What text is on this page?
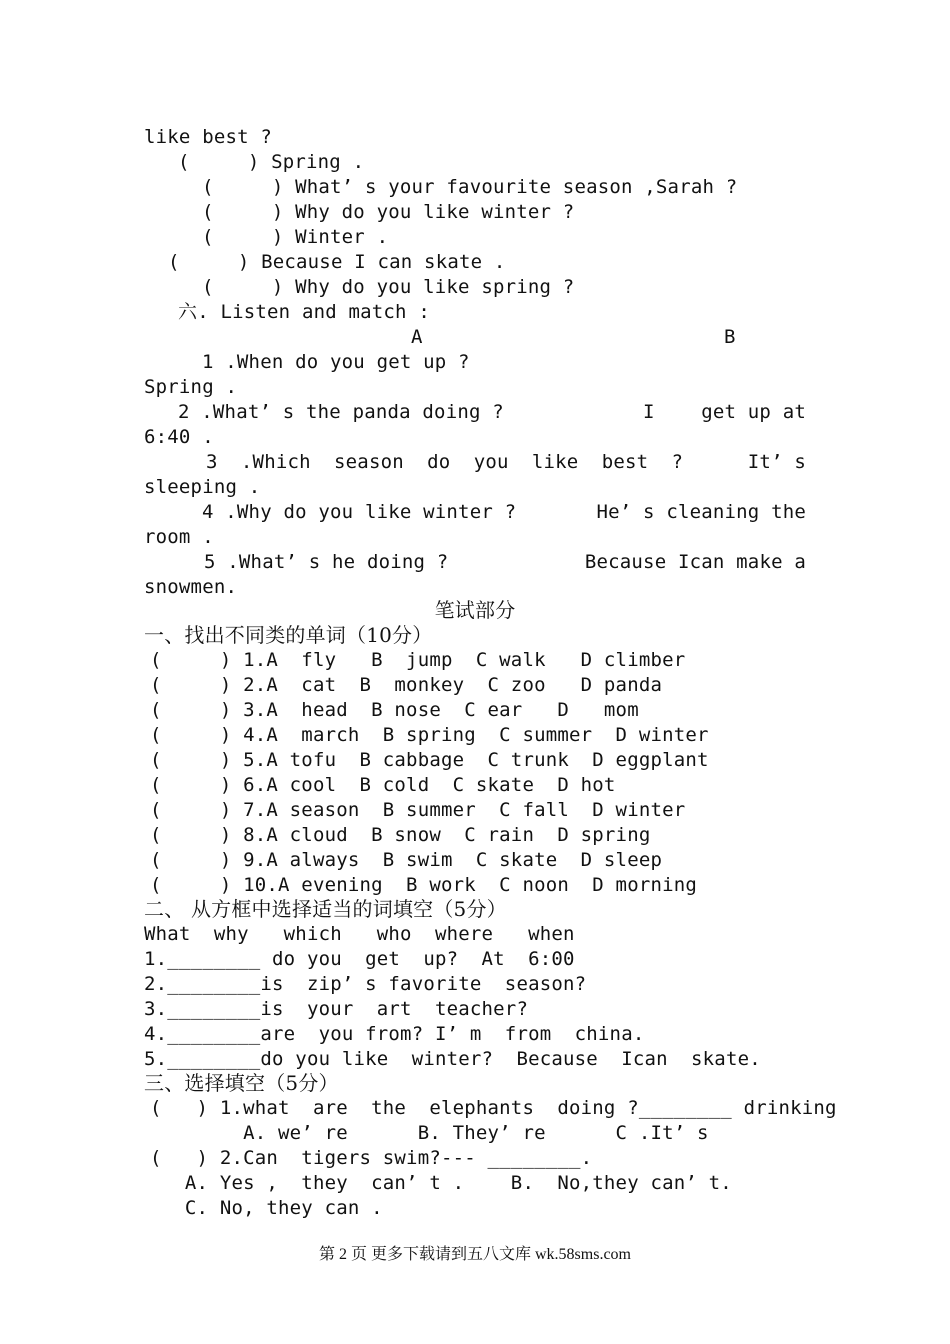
like best ?
(     ) Spring .
(     ) What’ s your favourite season ,Sarah ?
(     ) Why do you like winter ?
(     ) Winter .
(     ) Because I can skate .
(     ) Why do you like spring ?
六. Listen and match :
A	B
1 .When do you get up ?
Spring .
2 .What’ s the panda doing ?	I    get up at
6:40 .
3  .Which  season  do  you  like  best  ?	It’ s
sleeping .
4 .Why do you like winter ?	He’ s cleaning the
room .
5 .What’ s he doing ?	Because Ican make a
snowmen.
笔试部分
一、找出不同类的单词（10分）
(     ) 1.A  fly   B  jump  C walk   D climber
(     ) 2.A  cat  B  monkey  C zoo   D panda
(     ) 3.A  head  B nose  C ear   D   mom
(     ) 4.A  march  B spring  C summer  D winter
(     ) 5.A tofu  B cabbage  C trunk  D eggplant
(     ) 6.A cool  B cold  C skate  D hot
(     ) 7.A season  B summer  C fall  D winter
(     ) 8.A cloud  B snow  C rain  D spring
(     ) 9.A always  B swim  C skate  D sleep
(     ) 10.A evening  B work  C noon  D morning
二、 从方框中选择适当的词填空（5分）
What  why   which   who  where   when
1.________ do you  get  up?  At  6:00
2.________is  zip’ s favorite  season?
3.________is  your  art  teacher?
4.________are  you from? I’ m  from  china.
5.________do you like  winter?  Because  Ican  skate.
三、选择填空（5分）
(   ) 1.what  are  the  elephants  doing ?________ drinking
A. we’ re      B. They’ re      C .It’ s
(   ) 2.Can  tigers swim?--- ________.
A. Yes ,  they  can’ t .    B.  No,they can’ t.
C. No, they can .
第 2 页 更多下载请到五八文库 wk.58sms.com
